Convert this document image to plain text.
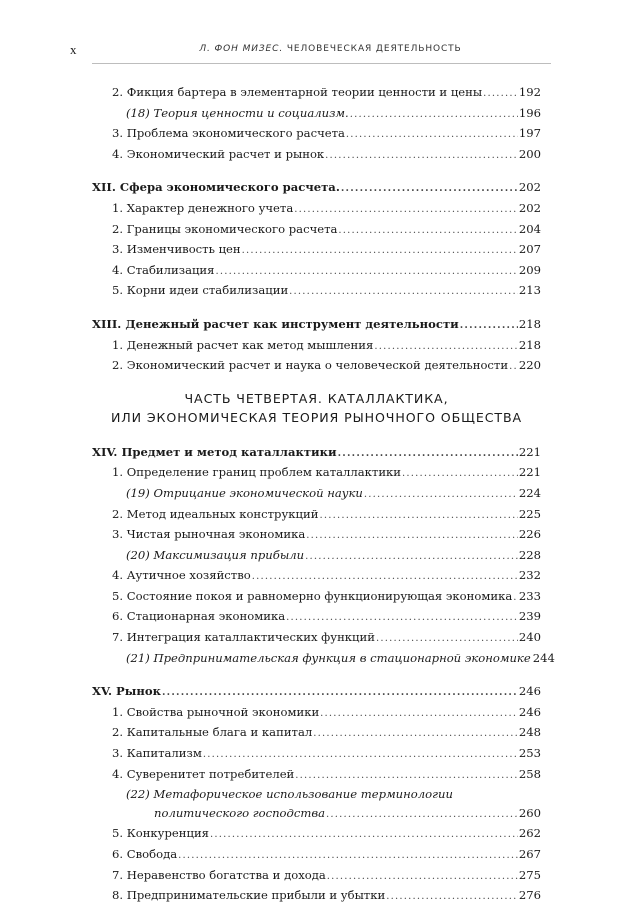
x	Л. ФОН МИЗЕС. ЧЕЛОВЕЧЕСКАЯ ДЕЯТЕЛЬНОСТЬ
2. Фикция бартера в элементарной теории ценности и цены .....	192
(18) Теория ценности и социализм. .....	196
3. Проблема экономического расчета .....	197
4. Экономический расчет и рынок .....	200
XII. Сфера экономического расчета. .....	202
1. Характер денежного учета .....	202
2. Границы экономического расчета .....	204
3. Изменчивость цен .....	207
4. Стабилизация .....	209
5. Корни идеи стабилизации .....	213
XIII. Денежный расчет как инструмент деятельности .....	218
1. Денежный расчет как метод мышления .....	218
2. Экономический расчет и наука о человеческой деятельности ..... 220
ЧАСТЬ ЧЕТВЕРТАЯ. КАТАЛЛАКТИКА,
ИЛИ ЭКОНОМИЧЕСКАЯ ТЕОРИЯ РЫНОЧНОГО ОБЩЕСТВА
XIV. Предмет и метод каталлактики .....	221
1. Определение границ проблем каталлактики .....	221
(19) Отрицание экономической науки .....	224
2. Метод идеальных конструкций .....	225
3. Чистая рыночная экономика .....	226
(20) Максимизация прибыли .....	228
4. Аутичное хозяйство .....	232
5. Состояние покоя и равномерно функционирующая экономика ..... 233
6. Стационарная экономика .....	239
7. Интеграция каталлактических функций .....	240
(21) Предпринимательская функция в стационарной экономике 244
XV. Рынок .....	246
1. Свойства рыночной экономики .....	246
2. Капитальные блага и капитал .....	248
3. Капитализм .....	253
4. Суверенитет потребителей .....	258
(22) Метафорическое использование терминологии
политического господства .....	260
5. Конкуренция .....	262
6. Свобода .....	267
7. Неравенство богатства и дохода .....	275
8. Предпринимательские прибыли и убытки .....	276
